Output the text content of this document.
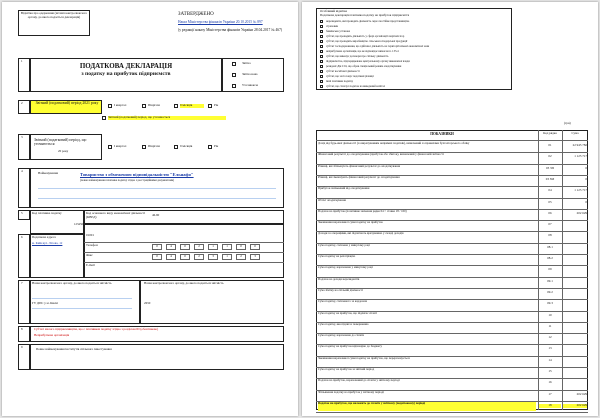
Відмітка про одержання (штамп контролюючого органу, до якого подається декларація)	ЗАТВЕРДЖЕНО
Наказ Міністерства фінансів України 20.10.2015 № 897
(у редакції наказу Міністерства фінансів України 28.04.2017 № 467)
1
ПОДАТКОВА ДЕКЛАРАЦІЯ
з податку на прибуток підприємств
Звітна
Звітна нова
Уточнююча
2	Звітний (податковий) період 2021 року	I квартал	Півріччя	9 місяців	Рік
Звітний (податковий) період, що уточнюється
3
Звітний (податковий) період, що уточнюється
20 року
I квартал	Півріччя	9 місяців	Рік
4	Найменування	Товариство з обмеженою відповідальністю "Ельнафо"
(повне найменування платника податку згідно з реєстраційними документами)
5	Код платника податку
12345678
Код основного виду економічної діяльності (КВЕД)	46.90
6	Податкова адреса
м. Київ вул. Лісова, 12
01001
Телефон
Факс
E-mail
0	4	0	2	1	1	0	0
0	4	0	2	3	1	2	3
7	Назва контролюючого органу, до якого подається звітність
ГУ ДПС у м. Києві
Назва контролюючого органу, до якого подається звітність
2650
8	Суб'єкт малого підприємництва, що є платником податку згідно з розділом ІІІ (обов'язково)
Неприбуткова організація
9	Повне найменування інститутів спільного інвестування
Особливий відмітка
Податкова декларація платника податку на прибуток підприємств
нерезиденти, які провадять діяльність через постійне представництво
страховик
банківська установа
суб'єкт, що провадить діяльність у сфері організації азартних ігор
суб'єкт, що провадить виробництво сільськогосподарської продукції
суб'єкт господарювання, що здійснює діяльність на території вільної економічної зони
неприбуткова організація, що не відповідає вимогам п. 133.4
суб'єкт, що виконує договори про спільну діяльність
підприємство, підпорядковане центральному органу виконавчої влади
резидент Дія Сіті, що обрав спеціальний режим оподаткування
суб'єкт космічної діяльності
суб'єкт, що застосовує податкові різниці
інші платники податку
суб'єкт, що сплачує податок на виведений капітал
(грн)
ПОКАЗНИКИ	Код рядка	Сума
Дохід від будь-якої діяльності (за вирахуванням непрямих податків), визначений за правилами бухгалтерського обліку	01	22 945 782
Фінансовий результат до оподаткування (прибуток або збиток), визначений у фінансовій звітності	02	1 125 717
Різниці, які збільшують фінансовий результат до оподаткування	03 ЗП	0
Різниці, які зменшують фінансовий результат до оподаткування	03 ЗМ	0
Прибуток звільнений від оподаткування	04	1 125 717
Об'єкт оподаткування	05	0
Податок на прибуток (позитивне значення рядка 04 × ставка 18 / 100)	06	202 629
Зменшення нарахованої суми податку на прибуток	07
Доходи за операціями, які підлягають врахуванню у складі доходів	08
Сума податку, сплачена у минулому році	08.1
Сума податку на репатріацію	08.2
Сума податку, нарахована у минулому році	09
Податок на доходи нерезидентів	09.1
Сума збитку на спільній діяльності	09.2
Сума податку, сплаченого за кордоном	09.3
Сума податку на прибуток, що підлягає сплаті	10
Сума податку, яка підлягає поверненню	11
Сума податку, нарахована до сплати	12
Сума податку на прибуток відповідно до бюджету	13
Зменшення нарахованої суми податку на прибуток, що перераховується	14
Сума податку на прибуток за звітний період	15
Податок на прибуток, нарахований до сплати у звітному періоді	16
Збільшення податку на прибуток у звітному періоді	17	202 629
Податок на прибуток, що належить до сплати у звітному (податковому) періоді	18	202 629
